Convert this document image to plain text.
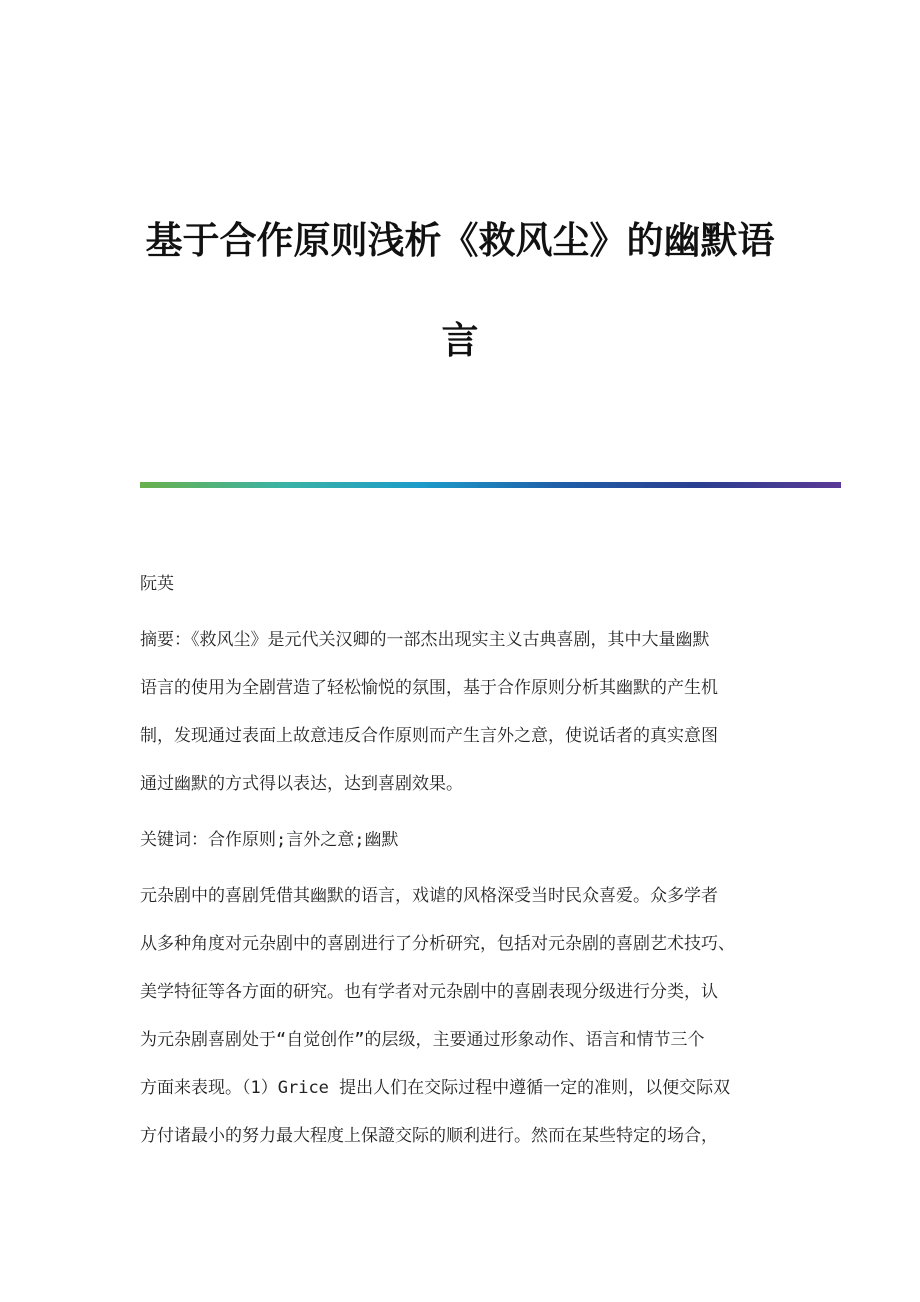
基于合作原则浅析《救风尘》的幽默语
言
阮英
摘要：《救风尘》是元代关汉卿的一部杰出现实主义古典喜剧，其中大量幽默
语言的使用为全剧营造了轻松愉悦的氛围，基于合作原则分析其幽默的产生机
制，发现通过表面上故意违反合作原则而产生言外之意，使说话者的真实意图
通过幽默的方式得以表达，达到喜剧效果。
关键词：合作原则;言外之意;幽默
元杂剧中的喜剧凭借其幽默的语言，戏谑的风格深受当时民众喜爱。众多学者
从多种角度对元杂剧中的喜剧进行了分析研究，包括对元杂剧的喜剧艺术技巧、
美学特征等各方面的研究。也有学者对元杂剧中的喜剧表现分级进行分类，认
为元杂剧喜剧处于“自觉创作”的层级，主要通过形象动作、语言和情节三个
方面来表现。（1）Grice 提出人们在交际过程中遵循一定的准则，以便交际双
方付诸最小的努力最大程度上保證交际的顺利进行。然而在某些特定的场合，
